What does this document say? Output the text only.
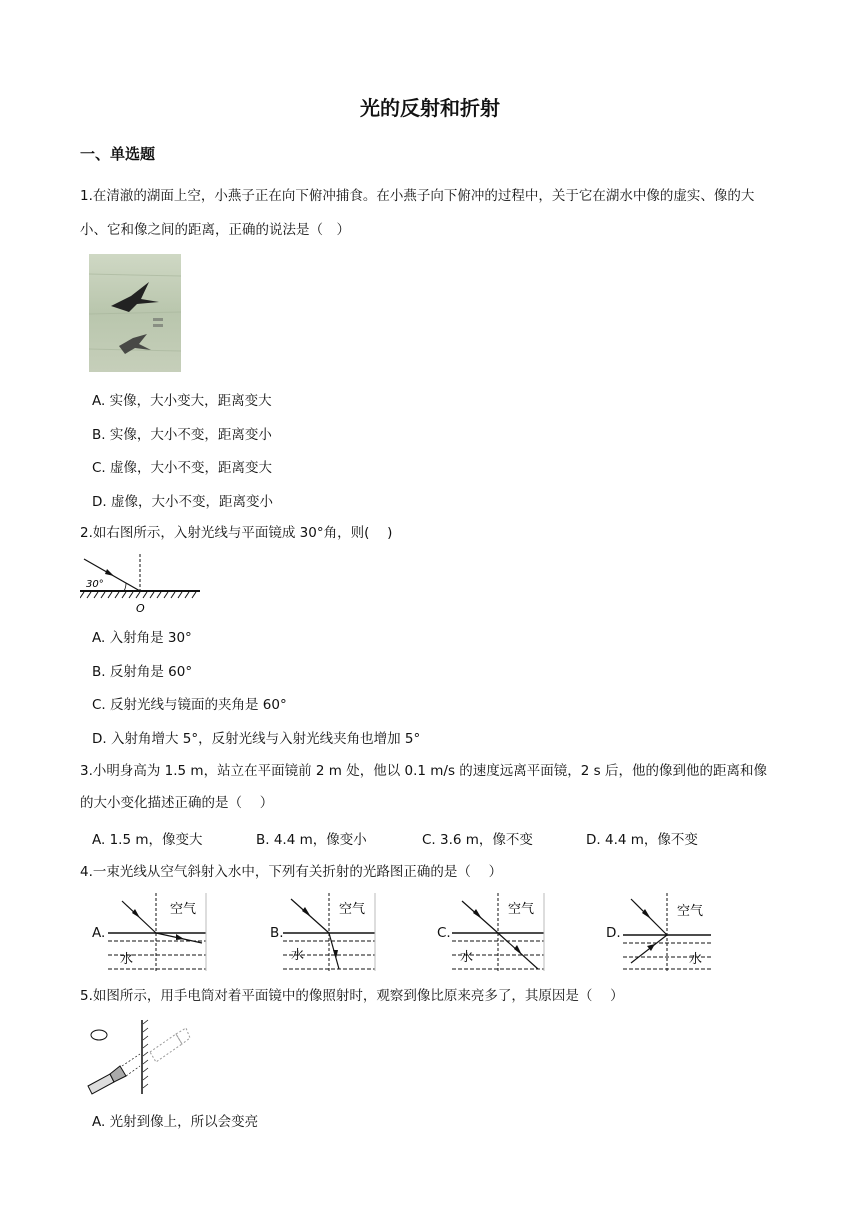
光的反射和折射
一、单选题
1.在清澈的湖面上空，小燕子正在向下俯冲捕食。在小燕子向下俯冲的过程中，关于它在湖水中像的虚实、像的大小、它和像之间的距离，正确的说法是（　）
A. 实像，大小变大，距离变大
B. 实像，大小不变，距离变小
C. 虚像，大小不变，距离变大
D. 虚像，大小不变，距离变小
2.如右图所示，入射光线与平面镜成 30°角，则(　 )
30°
O
A. 入射角是 30°
B. 反射角是 60°
C. 反射光线与镜面的夹角是 60°
D. 入射角增大 5°，反射光线与入射光线夹角也增加 5°
3.小明身高为 1.5 m，站立在平面镜前 2 m 处，他以 0.1 m/s 的速度远离平面镜，2 s 后，他的像到他的距离和像的大小变化描述正确的是（　 ）
A. 1.5 m，像变大	B. 4.4 m，像变小	C. 3.6 m，像不变	D. 4.4 m，像不变
4.一束光线从空气斜射入水中，下列有关折射的光路图正确的是（　 ）
A.
空气
水
B.
空气
水
C.
空气
水
D.
空气
水
5.如图所示，用手电筒对着平面镜中的像照射时，观察到像比原来亮多了，其原因是（　 ）
A. 光射到像上，所以会变亮
